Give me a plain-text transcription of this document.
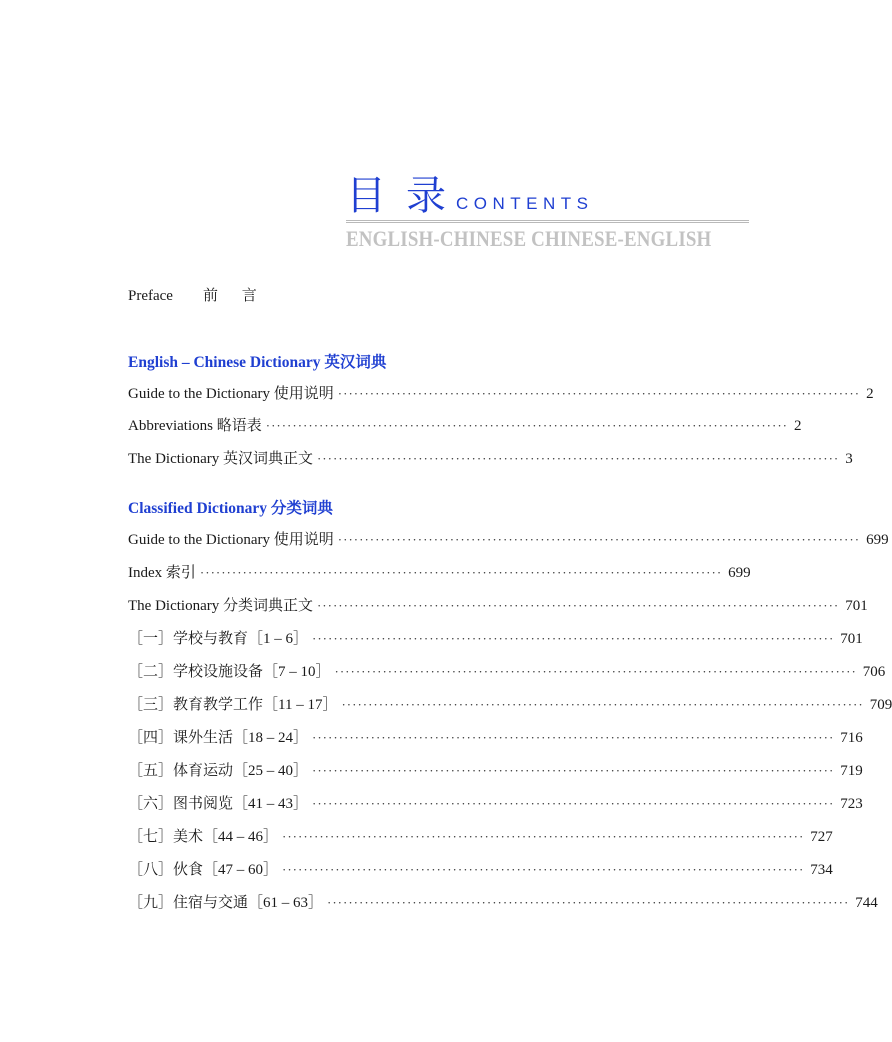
目录
CONTENTS
ENGLISH-CHINESE CHINESE-ENGLISH
Preface 前 言
English – Chinese Dictionary 英汉词典
Guide to the Dictionary 使用说明 ·································································································· 2
Abbreviations 略语表 ·································································································· 2
The Dictionary 英汉词典正文 ·································································································· 3
Classified Dictionary 分类词典
Guide to the Dictionary 使用说明 ·································································································· 699
Index 索引 ·································································································· 699
The Dictionary 分类词典正文 ·································································································· 701
［一］学校与教育［1 – 6］ ·································································································· 701
［二］学校设施设备［7 – 10］ ·································································································· 706
［三］教育教学工作［11 – 17］ ·································································································· 709
［四］课外生活［18 – 24］ ·································································································· 716
［五］体育运动［25 – 40］ ·································································································· 719
［六］图书阅览［41 – 43］ ·································································································· 723
［七］美术［44 – 46］ ·································································································· 727
［八］伙食［47 – 60］ ·································································································· 734
［九］住宿与交通［61 – 63］ ·································································································· 744
